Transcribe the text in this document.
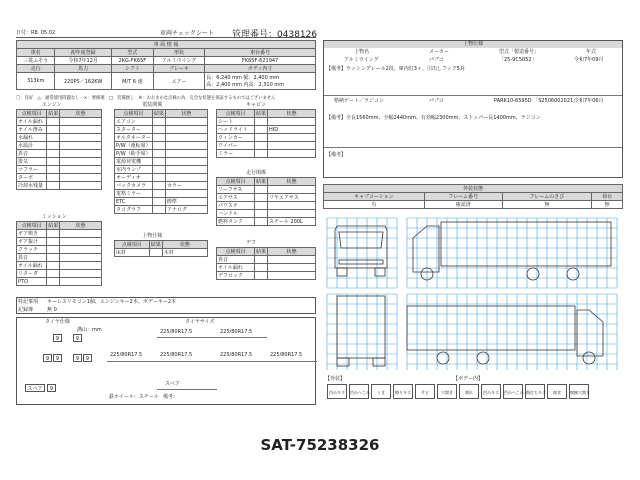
日付：R8. 05.02	車両チェックシート 管理番号：0438126
車 両 情 報				
車名	初年度登録	型式	形状	車台番号
三菱ふそう	令和7年12月	2KG-FK65F	アルミウイング	FK65F-621947
走行	馬力	シフト	ブレーキ	ボディ内寸
313km	220PS／162KW	M/T 6 速	エアー	長：6,240 mm 幅：2,400 mm
高：2,400 mm 内高：2,310 mm
〇：良好　△：通常使用問題なし　×：要修理　□：装備無し　※：おおまかな点検の為、完全な状態を保証するものではございません
エンジン
点検項目	結果	状態
オイル漏れ		
オイル滲み		
水漏れ		
水温計		
異音		
排気		
マフラー		
ターボ		
冷却水残量		
ミッション
点検項目	結果	状態
ギア鳴き		
ギア抜け		
クラッチ		
異音		
オイル漏れ		
リターダ		
PTO		
電装関係
点検項目	結果	状態
エアコン		
スターター		
オルタネーター		
P/W（運転席）		
P/W（助手席）		
電源発電機		
室内ランプ		
オーディオ		
バックカメラ		カラー
電格ミラー		
ETC		標準
タコグラフ		アナログ
上物仕様
点検項目	結果	状態
床材		木材
キャビン
点検項目	結果	状態
シート		
ヘッドライト		HID
ウィンカー		
ワイパー		
ミラー		
走行関係
点検項目	結果	状態
リーフサス		
エアサス		リヤエアサス
パワステ		
ハンドル		
燃料タンク		スチール 200L
デフ
点検項目	結果	状態
異音		
オイル漏れ		
デフロック		
特記事項 キーレスリモコン1個、エンジンキー2本、ボデーキー2本
記録簿	無 0
タイヤ仕様	タイヤサイズ
溝山：mm
9	9
9	9	9	9
スペア	9
225/80R17.5	225/80R17.5
225/80R17.5	225/80R17.5	225/80R17.5	225/80R17.5
スペア
鉄ホイール：スチール 備考：
上物仕様
上物名	メーカー	型式「製造番号」	年式
アルミウイング	パブコ	「25-9C5052」	令和7年09月
【備考】ラッシングレール2段、庫内灯3ヶ、引出しフック5対
格納ゲート／ラジコン	パブコ	PARK10-6595D 「S2506002021」
令和7年06月
【備考】全長1560mm、全幅2440mm、有効幅2300mm、ストッパー長1400mm、ラジコン
【備考】
外装状態			
キャブコーション	フレーム番号	フレームのさび	荷台
有	確認済	無	無
【外装】	【ボデー内】
凹みキズ	凹みへこみ	うき	擦りキズ	サビ	穴開き	割れ	凹みキズ	凹みへこみ 傷打ちキズ	腐食	腐蝕穴開き
SAT-75238326
